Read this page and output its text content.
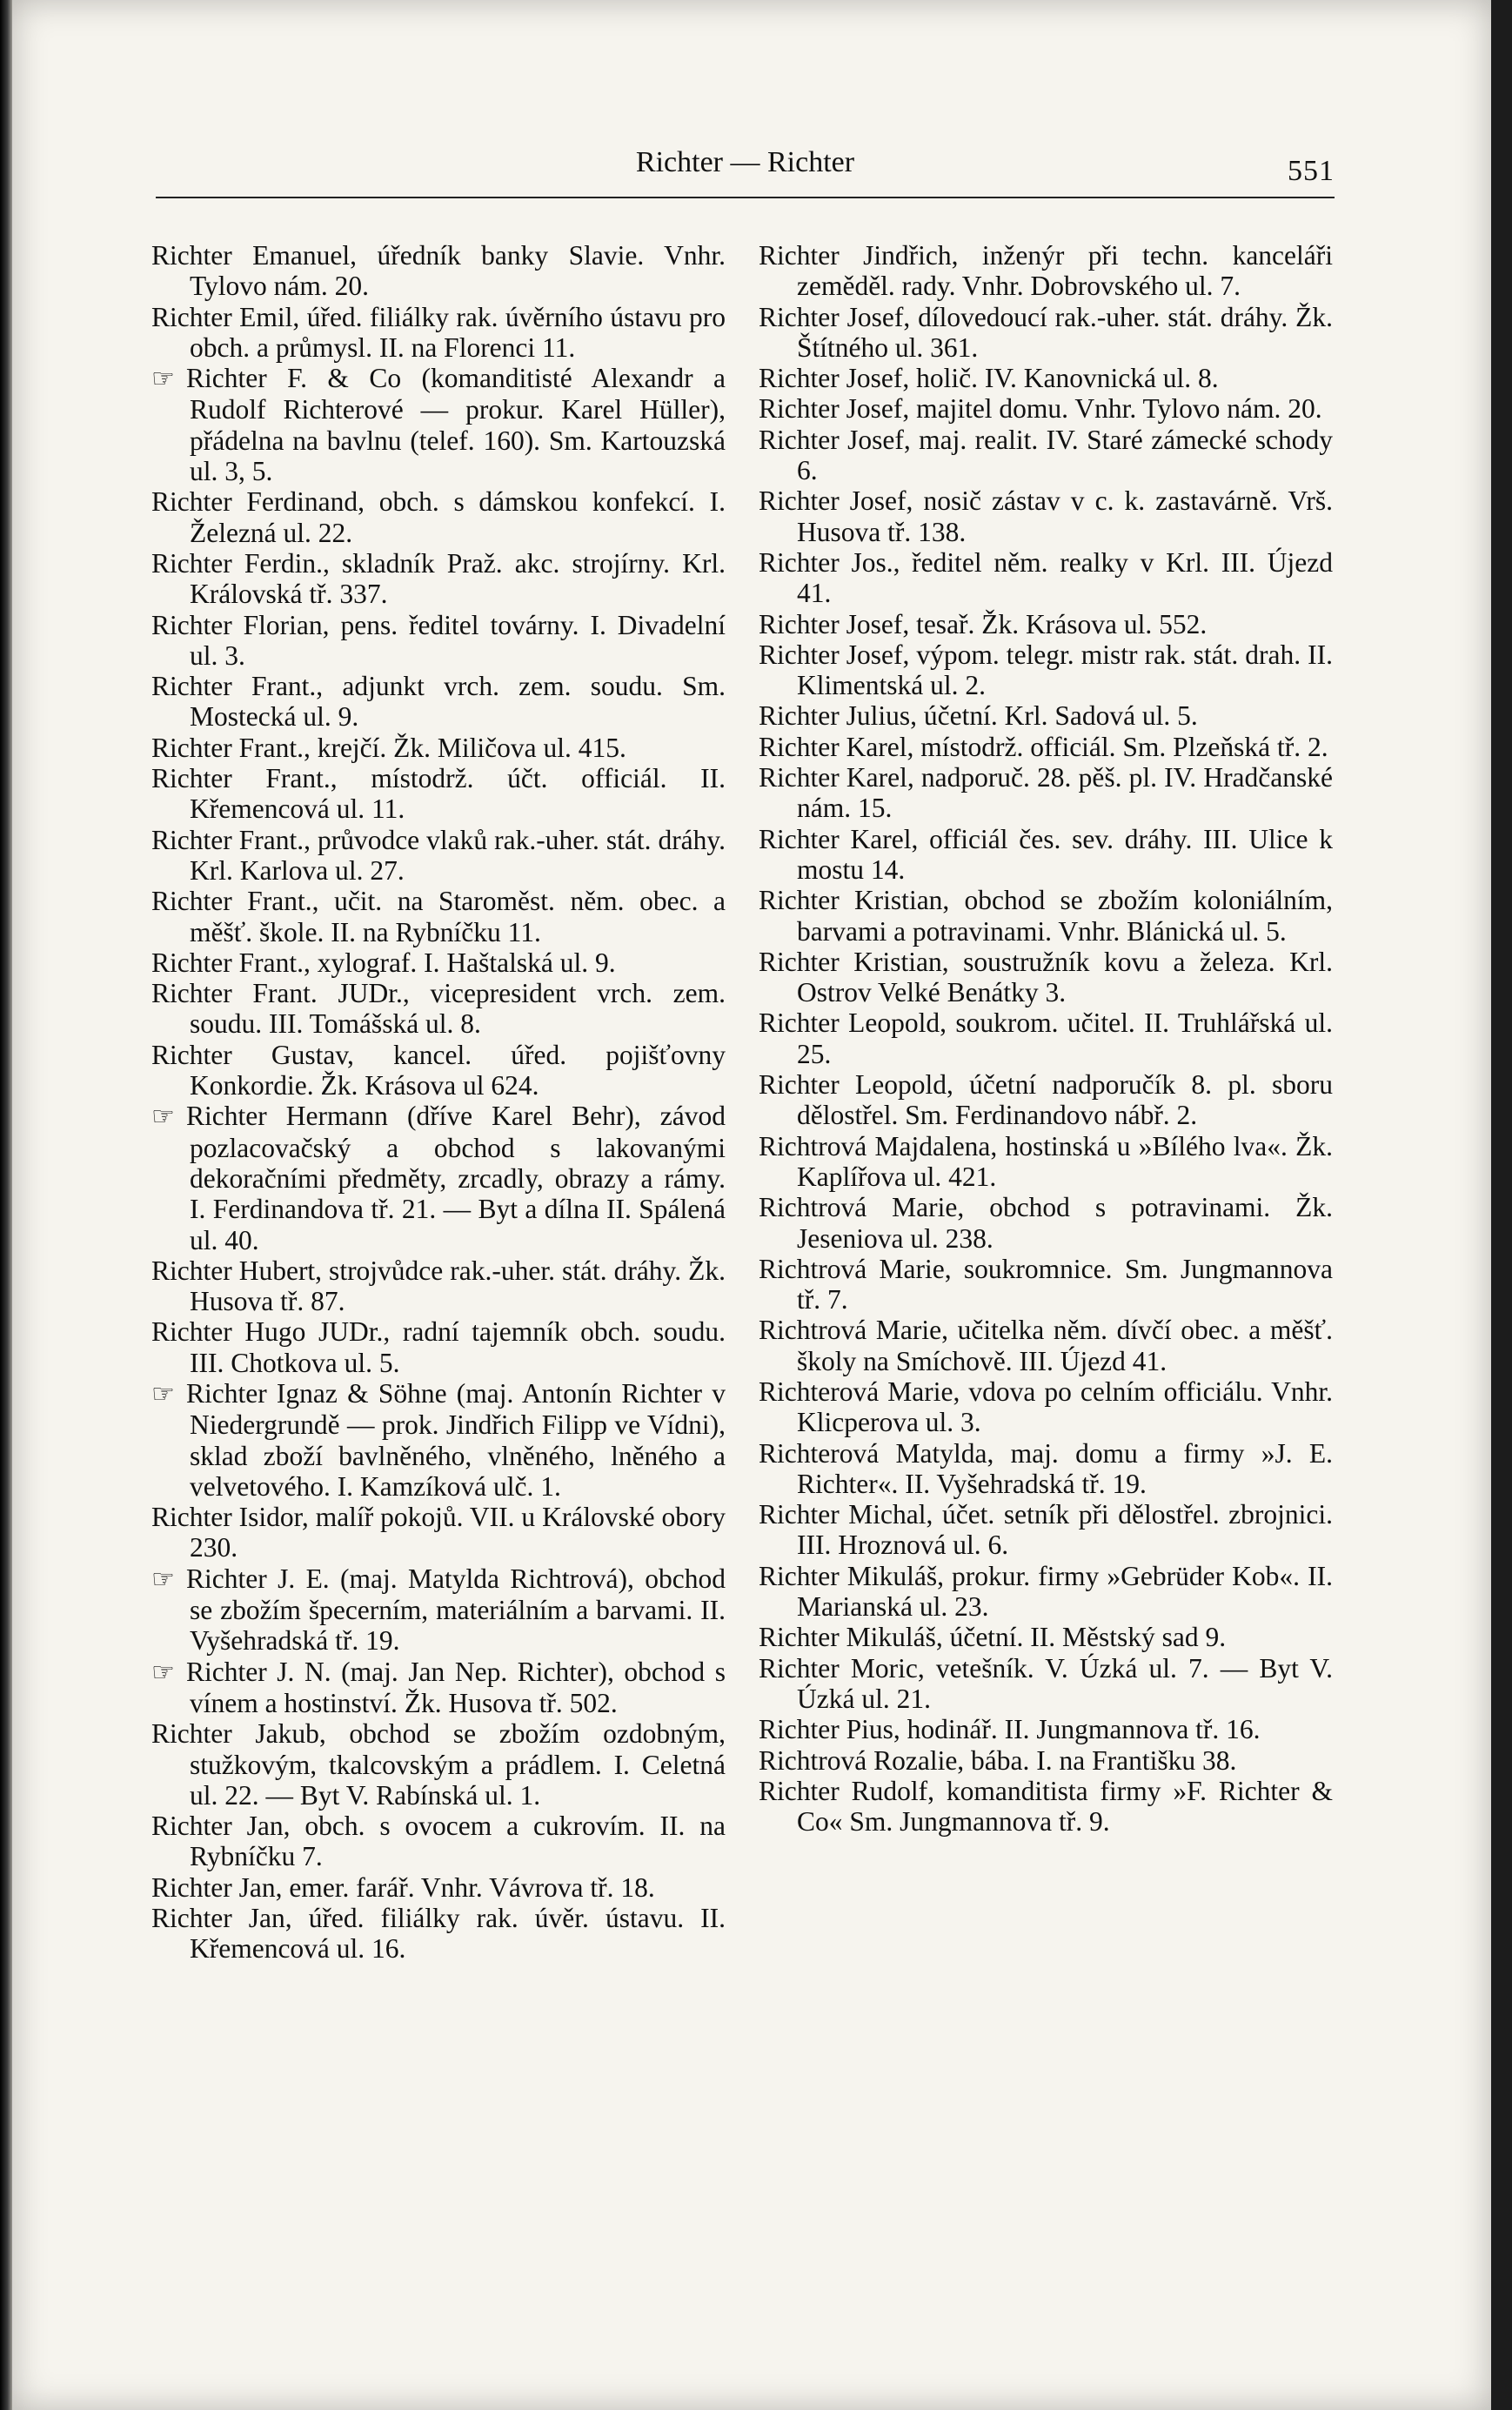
Richter — Richter	551
Richter Emanuel, úředník banky Slavie. Vnhr. Tylovo nám. 20.
Richter Emil, úřed. filiálky rak. úvěrního ústavu pro obch. a průmysl. II. na Florenci 11.
☞ Richter F. & Co (komanditisté Alexandr a Rudolf Richterové — prokur. Karel Hüller), přádelna na bavlnu (telef. 160). Sm. Kartouzská ul. 3, 5.
Richter Ferdinand, obch. s dámskou konfekcí. I. Železná ul. 22.
Richter Ferdin., skladník Praž. akc. strojírny. Krl. Královská tř. 337.
Richter Florian, pens. ředitel továrny. I. Divadelní ul. 3.
Richter Frant., adjunkt vrch. zem. soudu. Sm. Mostecká ul. 9.
Richter Frant., krejčí. Žk. Miličova ul. 415.
Richter Frant., místodrž. účt. officiál. II. Křemencová ul. 11.
Richter Frant., průvodce vlaků rak.-uher. stát. dráhy. Krl. Karlova ul. 27.
Richter Frant., učit. na Staroměst. něm. obec. a měšť. škole. II. na Rybníčku 11.
Richter Frant., xylograf. I. Haštalská ul. 9.
Richter Frant. JUDr., vicepresident vrch. zem. soudu. III. Tomášská ul. 8.
Richter Gustav, kancel. úřed. pojišťovny Konkordie. Žk. Krásova ul 624.
☞ Richter Hermann (dříve Karel Behr), závod pozlacovačský a obchod s lakovanými dekoračními předměty, zrcadly, obrazy a rámy. I. Ferdinandova tř. 21. — Byt a dílna II. Spálená ul. 40.
Richter Hubert, strojvůdce rak.-uher. stát. dráhy. Žk. Husova tř. 87.
Richter Hugo JUDr., radní tajemník obch. soudu. III. Chotkova ul. 5.
☞ Richter Ignaz & Söhne (maj. Antonín Richter v Niedergrundě — prok. Jindřich Filipp ve Vídni), sklad zboží bavlněného, vlněného, lněného a velvetového. I. Kamzíková ulč. 1.
Richter Isidor, malíř pokojů. VII. u Královské obory 230.
☞ Richter J. E. (maj. Matylda Richtrová), obchod se zbožím špecerním, materiálním a barvami. II. Vyšehradská tř. 19.
☞ Richter J. N. (maj. Jan Nep. Richter), obchod s vínem a hostinství. Žk. Husova tř. 502.
Richter Jakub, obchod se zbožím ozdobným, stužkovým, tkalcovským a prádlem. I. Celetná ul. 22. — Byt V. Rabínská ul. 1.
Richter Jan, obch. s ovocem a cukrovím. II. na Rybníčku 7.
Richter Jan, emer. farář. Vnhr. Vávrova tř. 18.
Richter Jan, úřed. filiálky rak. úvěr. ústavu. II. Křemencová ul. 16.
Richter Jindřich, inženýr při techn. kanceláři zeměděl. rady. Vnhr. Dobrovského ul. 7.
Richter Josef, dílovedoucí rak.-uher. stát. dráhy. Žk. Štítného ul. 361.
Richter Josef, holič. IV. Kanovnická ul. 8.
Richter Josef, majitel domu. Vnhr. Tylovo nám. 20.
Richter Josef, maj. realit. IV. Staré zámecké schody 6.
Richter Josef, nosič zástav v c. k. zastavárně. Vrš. Husova tř. 138.
Richter Jos., ředitel něm. realky v Krl. III. Újezd 41.
Richter Josef, tesař. Žk. Krásova ul. 552.
Richter Josef, výpom. telegr. mistr rak. stát. drah. II. Klimentská ul. 2.
Richter Julius, účetní. Krl. Sadová ul. 5.
Richter Karel, místodrž. officiál. Sm. Plzeňská tř. 2.
Richter Karel, nadporuč. 28. pěš. pl. IV. Hradčanské nám. 15.
Richter Karel, officiál čes. sev. dráhy. III. Ulice k mostu 14.
Richter Kristian, obchod se zbožím koloniálním, barvami a potravinami. Vnhr. Blánická ul. 5.
Richter Kristian, soustružník kovu a železa. Krl. Ostrov Velké Benátky 3.
Richter Leopold, soukrom. učitel. II. Truhlářská ul. 25.
Richter Leopold, účetní nadporučík 8. pl. sboru dělostřel. Sm. Ferdinandovo nábř. 2.
Richtrová Majdalena, hostinská u »Bílého lva«. Žk. Kaplířova ul. 421.
Richtrová Marie, obchod s potravinami. Žk. Jeseniova ul. 238.
Richtrová Marie, soukromnice. Sm. Jungmannova tř. 7.
Richtrová Marie, učitelka něm. dívčí obec. a měšť. školy na Smíchově. III. Újezd 41.
Richterová Marie, vdova po celním officiálu. Vnhr. Klicperova ul. 3.
Richterová Matylda, maj. domu a firmy »J. E. Richter«. II. Vyšehradská tř. 19.
Richter Michal, účet. setník při dělostřel. zbrojnici. III. Hroznová ul. 6.
Richter Mikuláš, prokur. firmy »Gebrüder Kob«. II. Marianská ul. 23.
Richter Mikuláš, účetní. II. Městský sad 9.
Richter Moric, vetešník. V. Úzká ul. 7. — Byt V. Úzká ul. 21.
Richter Pius, hodinář. II. Jungmannova tř. 16.
Richtrová Rozalie, bába. I. na Františku 38.
Richter Rudolf, komanditista firmy »F. Richter & Co« Sm. Jungmannova tř. 9.
